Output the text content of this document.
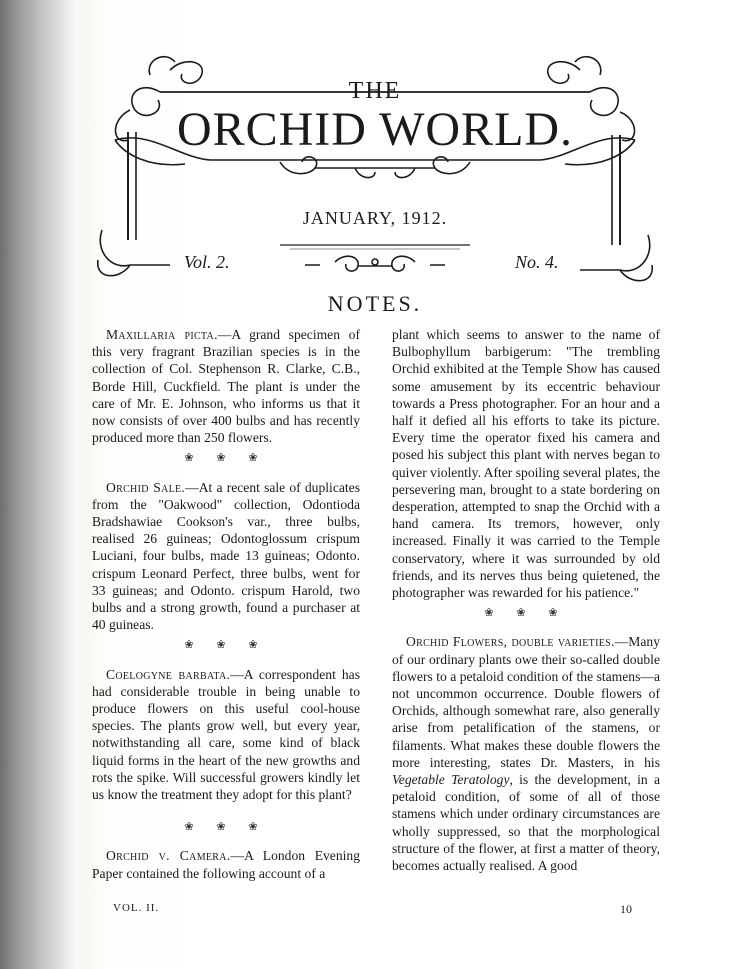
THE
ORCHID WORLD.
JANUARY, 1912.
Vol. 2.	No. 4.
NOTES.

Maxillaria picta.—A grand specimen of this very fragrant Brazilian species is in the collection of Col. Stephenson R. Clarke, C.B., Borde Hill, Cuckfield. The plant is under the care of Mr. E. Johnson, who informs us that it now consists of over 400 bulbs and has recently produced more than 250 flowers.

❀ ❀ ❀

Orchid Sale.—At a recent sale of duplicates from the "Oakwood" collection, Odontioda Bradshawiae Cookson's var., three bulbs, realised 26 guineas; Odontoglossum crispum Luciani, four bulbs, made 13 guineas; Odonto. crispum Leonard Perfect, three bulbs, went for 33 guineas; and Odonto. crispum Harold, two bulbs and a strong growth, found a purchaser at 40 guineas.

❀ ❀ ❀

Coelogyne barbata.—A correspondent has had considerable trouble in being unable to produce flowers on this useful cool-house species. The plants grow well, but every year, notwithstanding all care, some kind of black liquid forms in the heart of the new growths and rots the spike. Will successful growers kindly let us know the treatment they adopt for this plant?

❀ ❀ ❀

Orchid v. Camera.—A London Evening Paper contained the following account of a

plant which seems to answer to the name of Bulbophyllum barbigerum: "The trembling Orchid exhibited at the Temple Show has caused some amusement by its eccentric behaviour towards a Press photographer. For an hour and a half it defied all his efforts to take its picture. Every time the operator fixed his camera and posed his subject this plant with nerves began to quiver violently. After spoiling several plates, the persevering man, brought to a state bordering on desperation, attempted to snap the Orchid with a hand camera. Its tremors, however, only increased. Finally it was carried to the Temple conservatory, where it was surrounded by old friends, and its nerves thus being quietened, the photographer was rewarded for his patience."

❀ ❀ ❀

Orchid Flowers, double varieties.—Many of our ordinary plants owe their so-called double flowers to a petaloid condition of the stamens—a not uncommon occurrence. Double flowers of Orchids, although somewhat rare, also generally arise from petalification of the stamens, or filaments. What makes these double flowers the more interesting, states Dr. Masters, in his Vegetable Teratology, is the development, in a petaloid condition, of some of all of those stamens which under ordinary circumstances are wholly suppressed, so that the morphological structure of the flower, at first a matter of theory, becomes actually realised. A good

VOL. II.	10
